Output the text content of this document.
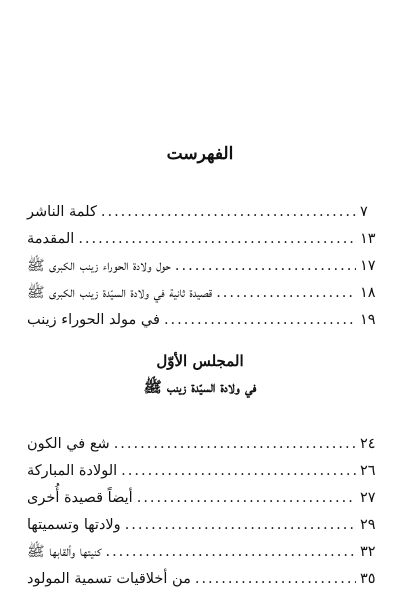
الفهرست
كلمة الناشر .....	٧
المقدمة .....	١٣
حول ولادة الحوراء زينب الكبرى ﷺ .....	١٧
قصيدة ثانية في ولادة السيّدة زينب الكبرى ﷺ .....	١٨
في مولد الحوراء زينب .....	١٩
المجلس الأوّل
في ولادة السيّدة زينب ﷺ
شع في الكون .....	٢٤
الولادة المباركة .....	٢٦
أيضاً قصيدة أُخرى .....	٢٧
ولادتها وتسميتها .....	٢٩
كنيتها وألقابها ﷺ .....	٣٢
من أخلاقيات تسمية المولود .....	٣٥
